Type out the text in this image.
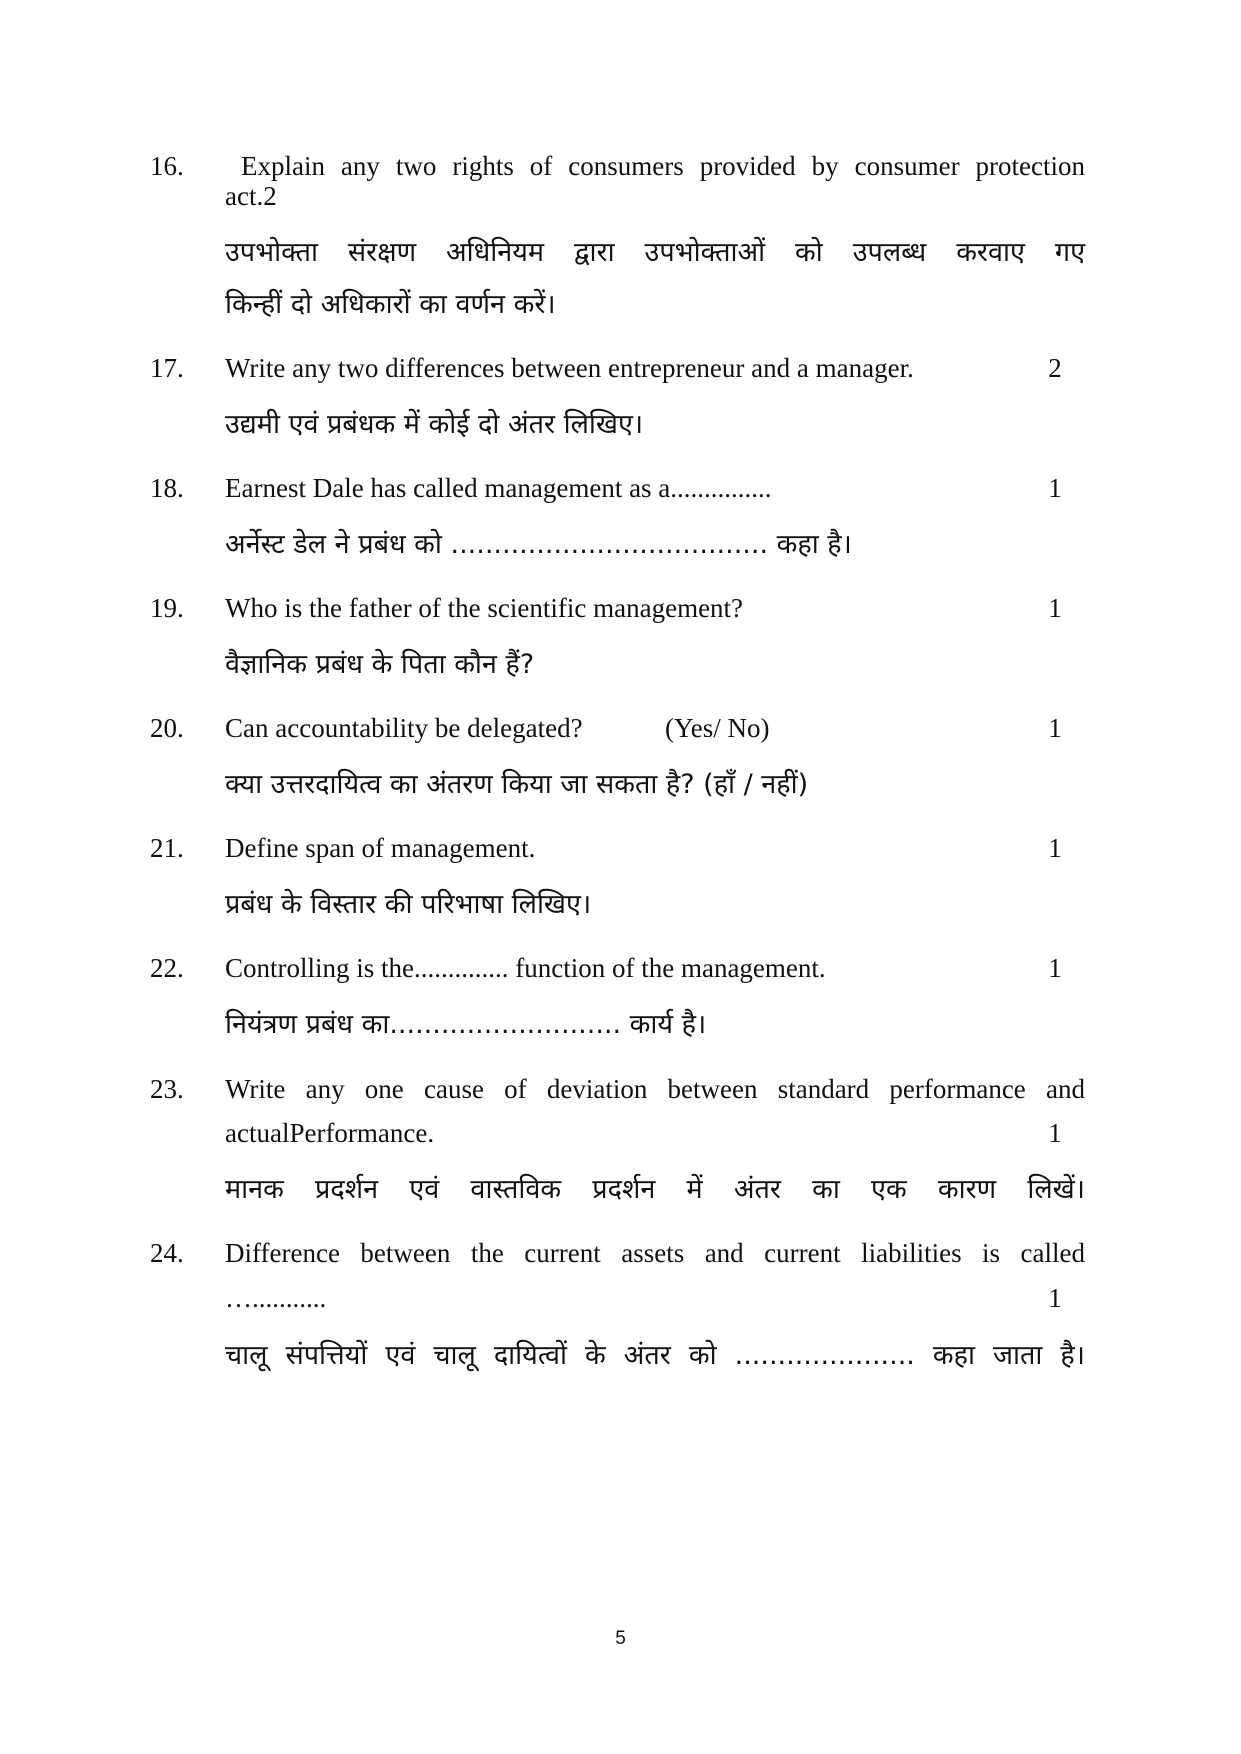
16. Explain any two rights of consumers provided by consumer protection
act.2
उपभोक्ता संरक्षण अधिनियम द्वारा उपभोक्ताओं को उपलब्ध करवाए गए
किन्हीं दो अधिकारों का वर्णन करें।
17. Write any two differences between entrepreneur and a manager.	2
उद्यमी एवं प्रबंधक में कोई दो अंतर लिखिए।
18. Earnest Dale has called management as a...............	1
अर्नेस्ट डेल ने प्रबंध को ..................................... कहा है।
19. Who is the father of the scientific management?	1
वैज्ञानिक प्रबंध के पिता कौन हैं?
20. Can accountability be delegated?	(Yes/ No)	1
क्या उत्तरदायित्व का अंतरण किया जा सकता है? (हाँ / नहीं)
21. Define span of management.	1
प्रबंध के विस्तार की परिभाषा लिखिए।
22. Controlling is the.............. function of the management.	1
नियंत्रण प्रबंध का........................... कार्य है।
23. Write any one cause of deviation between standard performance and
actualPerformance.	1
मानक प्रदर्शन एवं वास्तविक प्रदर्शन में अंतर का एक कारण लिखें।
24. Difference between the current assets and current liabilities is called
…...........	1
चालू संपत्तियों एवं चालू दायित्वों के अंतर को ..................... कहा जाता है।
5
